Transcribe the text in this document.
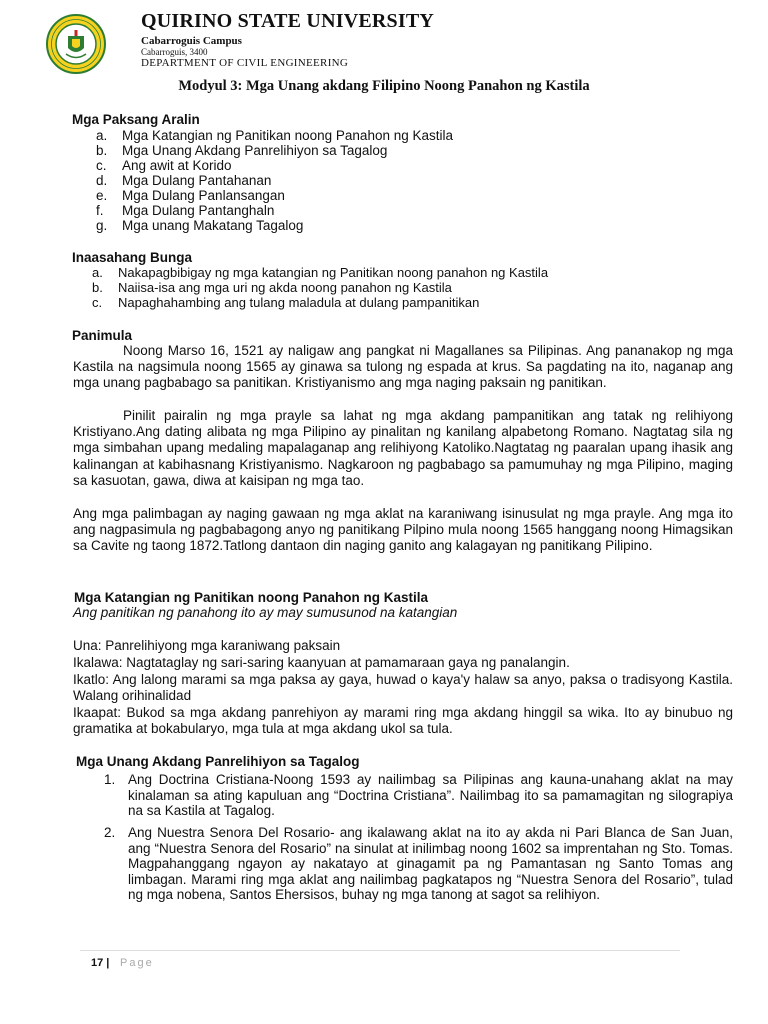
QUIRINO STATE UNIVERSITY
Cabarroguis Campus
Cabarroguis, 3400
DEPARTMENT OF CIVIL ENGINEERING
Modyul 3: Mga Unang akdang Filipino Noong Panahon ng Kastila
Mga Paksang Aralin
a. Mga Katangian ng Panitikan noong Panahon ng Kastila
b. Mga Unang Akdang Panrelihiyon sa Tagalog
c. Ang awit at Korido
d. Mga Dulang Pantahanan
e. Mga Dulang Panlansangan
f. Mga Dulang Pantanghaln
g. Mga unang Makatang Tagalog
Inaasahang Bunga
a. Nakapagbibigay ng mga katangian ng Panitikan noong panahon ng Kastila
b. Naiisa-isa ang mga uri ng akda noong panahon ng Kastila
c. Napaghahambing ang tulang maladula at dulang pampanitikan
Panimula
Noong Marso 16, 1521 ay naligaw ang pangkat ni Magallanes sa Pilipinas. Ang pananakop ng mga Kastila na nagsimula noong 1565 ay ginawa sa tulong ng espada at krus. Sa pagdating na ito, naganap ang mga unang pagbabago sa panitikan. Kristiyanismo ang mga naging paksain ng panitikan.
Pinilit pairalin ng mga prayle sa lahat ng mga akdang pampanitikan ang tatak ng relihiyong Kristiyano.Ang dating alibata ng mga Pilipino ay pinalitan ng kanilang alpabetong Romano. Nagtatag sila ng mga simbahan upang medaling mapalaganap ang relihiyong Katoliko.Nagtatag ng paaralan upang ihasik ang kalinangan at kabihasnang Kristiyanismo. Nagkaroon ng pagbabago sa pamumuhay ng mga Pilipino, maging sa kasuotan, gawa, diwa at kaisipan ng mga tao.
Ang mga palimbagan ay naging gawaan ng mga aklat na karaniwang isinusulat ng mga prayle. Ang mga ito ang nagpasimula ng pagbabagong anyo ng panitikang Pilpino mula noong 1565 hanggang noong Himagsikan sa Cavite ng taong 1872.Tatlong dantaon din naging ganito ang kalagayan ng panitikang Pilipino.
Mga Katangian ng Panitikan noong Panahon ng Kastila
Ang panitikan ng panahong ito ay may sumusunod na katangian
Una: Panrelihiyong mga karaniwang paksain
Ikalawa: Nagtataglay ng sari-saring kaanyuan at pamamaraan gaya ng panalangin.
Ikatlo: Ang lalong marami sa mga paksa ay gaya, huwad o kaya'y halaw sa anyo, paksa o tradisyong Kastila. Walang orihinalidad
Ikaapat: Bukod sa mga akdang panrehiyon ay marami ring mga akdang hinggil sa wika. Ito ay binubuo ng gramatika at bokabularyo, mga tula at mga akdang ukol sa tula.
Mga Unang Akdang Panrelihiyon sa Tagalog
1. Ang Doctrina Cristiana-Noong 1593 ay nailimbag sa Pilipinas ang kauna-unahang aklat na may kinalaman sa ating kapuluan ang “Doctrina Cristiana”. Nailimbag ito sa pamamagitan ng silograpiya na sa Kastila at Tagalog.
2. Ang Nuestra Senora Del Rosario- ang ikalawang aklat na ito ay akda ni Pari Blanca de San Juan, ang “Nuestra Senora del Rosario” na sinulat at inilimbag noong 1602 sa imprentahan ng Sto. Tomas. Magpahanggang ngayon ay nakatayo at ginagamit pa ng Pamantasan ng Santo Tomas ang limbagan. Marami ring mga aklat ang nailimbag pagkatapos ng “Nuestra Senora del Rosario”, tulad ng mga nobena, Santos Ehersisos, buhay ng mga tanong at sagot sa relihiyon.
17 | Page
